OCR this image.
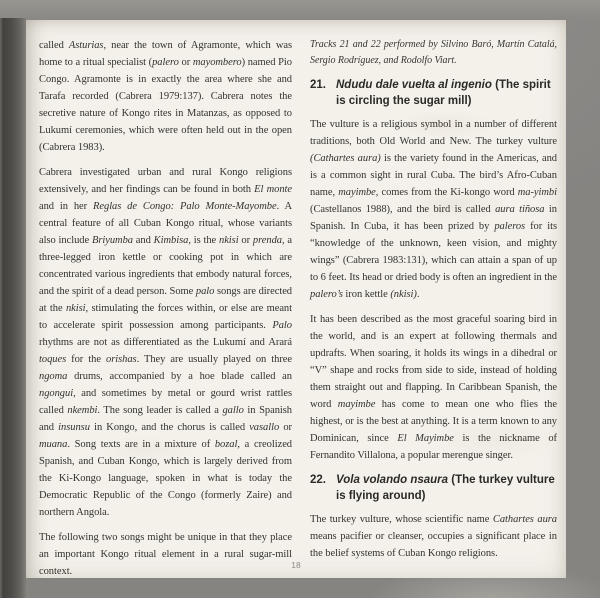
called Asturias, near the town of Agramonte, which was home to a ritual specialist (palero or mayombero) named Pio Congo. Agramonte is in exactly the area where she and Tarafa recorded (Cabrera 1979:137). Cabrera notes the secretive nature of Kongo rites in Matanzas, as opposed to Lukumí ceremonies, which were often held out in the open (Cabrera 1983).

Cabrera investigated urban and rural Kongo religions extensively, and her findings can be found in both El monte and in her Reglas de Congo: Palo Monte-Mayombe. A central feature of all Cuban Kongo ritual, whose variants also include Briyumba and Kimbisa, is the nkisi or prenda, a three-legged iron kettle or cooking pot in which are concentrated various ingredients that embody natural forces, and the spirit of a dead person. Some palo songs are directed at the nkisi, stimulating the forces within, or else are meant to accelerate spirit possession among participants. Palo rhythms are not as differentiated as the Lukumí and Arará toques for the orishas. They are usually played on three ngoma drums, accompanied by a hoe blade called an ngongui, and sometimes by metal or gourd wrist rattles called nkembi. The song leader is called a gallo in Spanish and insunsu in Kongo, and the chorus is called vasallo or muana. Song texts are in a mixture of bozal, a creolized Spanish, and Cuban Kongo, which is largely derived from the Ki-Kongo language, spoken in what is today the Democratic Republic of the Congo (formerly Zaire) and northern Angola.

The following two songs might be unique in that they place an important Kongo ritual element in a rural sugar-mill context.

Tracks 21 and 22 performed by Silvino Baró, Martín Catalá, Sergio Rodríguez, and Rodolfo Viart.

21. Ndudu dale vuelta al ingenio (The spirit is circling the sugar mill)

The vulture is a religious symbol in a number of different traditions, both Old World and New. The turkey vulture (Cathartes aura) is the variety found in the Americas, and is a common sight in rural Cuba. The bird’s Afro-Cuban name, mayimbe, comes from the Ki-kongo word ma-yimbi (Castellanos 1988), and the bird is called aura tiñosa in Spanish. In Cuba, it has been prized by paleros for its “knowledge of the unknown, keen vision, and mighty wings” (Cabrera 1983:131), which can attain a span of up to 6 feet. Its head or dried body is often an ingredient in the palero’s iron kettle (nkisi).

It has been described as the most graceful soaring bird in the world, and is an expert at following thermals and updrafts. When soaring, it holds its wings in a dihedral or “V” shape and rocks from side to side, instead of holding them straight out and flapping. In Caribbean Spanish, the word mayimbe has come to mean one who flies the highest, or is the best at anything. It is a term known to any Dominican, since El Mayimbe is the nickname of Fernandito Villalona, a popular merengue singer.

22. Vola volando nsaura (The turkey vulture is flying around)

The turkey vulture, whose scientific name Cathartes aura means pacifier or cleanser, occupies a significant place in the belief systems of Cuban Kongo religions.

18
